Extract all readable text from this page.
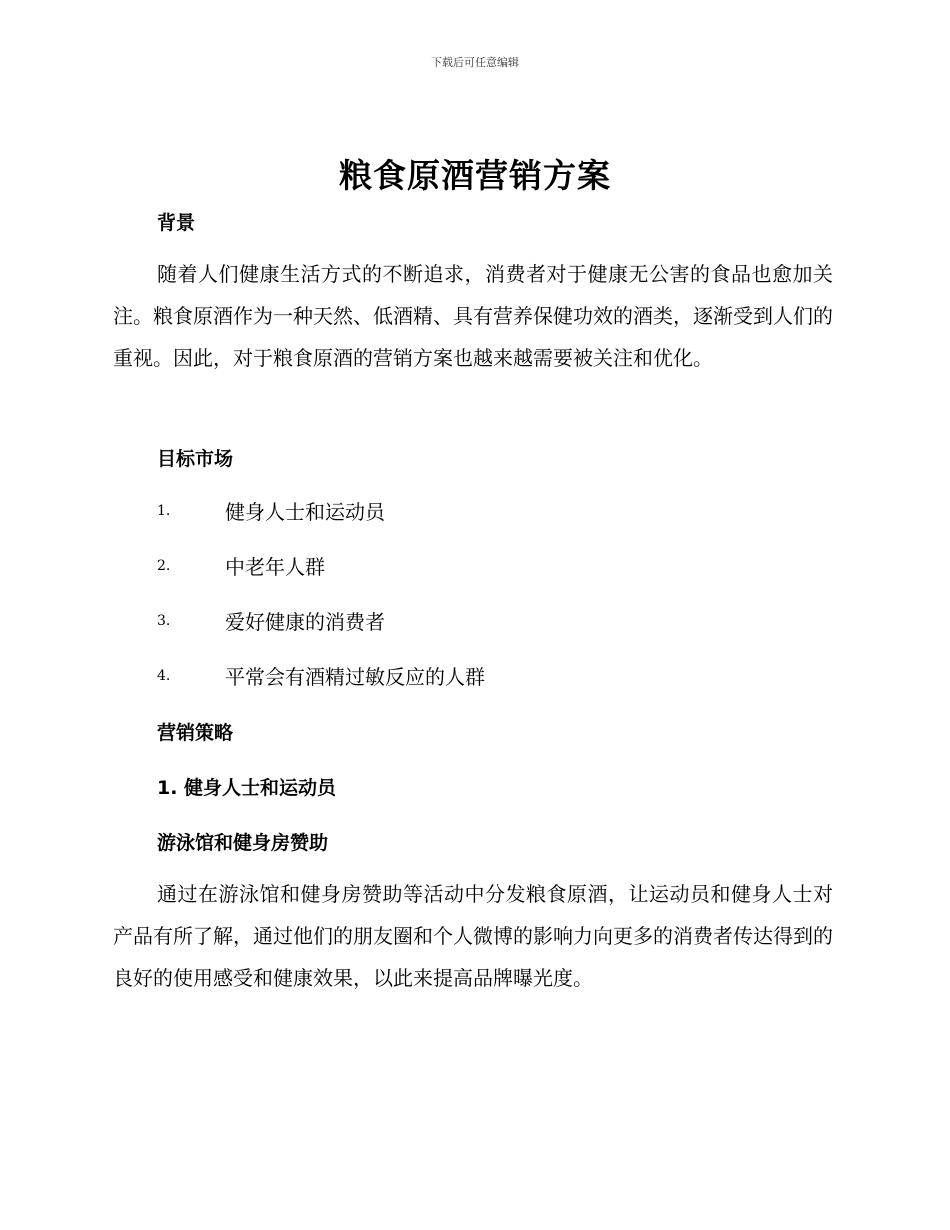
下载后可任意编辑
粮食原酒营销方案
背景
随着人们健康生活方式的不断追求，消费者对于健康无公害的食品也愈加关注。粮食原酒作为一种天然、低酒精、具有营养保健功效的酒类，逐渐受到人们的重视。因此，对于粮食原酒的营销方案也越来越需要被关注和优化。
目标市场
1.	健身人士和运动员
2.	中老年人群
3.	爱好健康的消费者
4.	平常会有酒精过敏反应的人群
营销策略
1. 健身人士和运动员
游泳馆和健身房赞助
通过在游泳馆和健身房赞助等活动中分发粮食原酒，让运动员和健身人士对产品有所了解，通过他们的朋友圈和个人微博的影响力向更多的消费者传达得到的良好的使用感受和健康效果，以此来提高品牌曝光度。
